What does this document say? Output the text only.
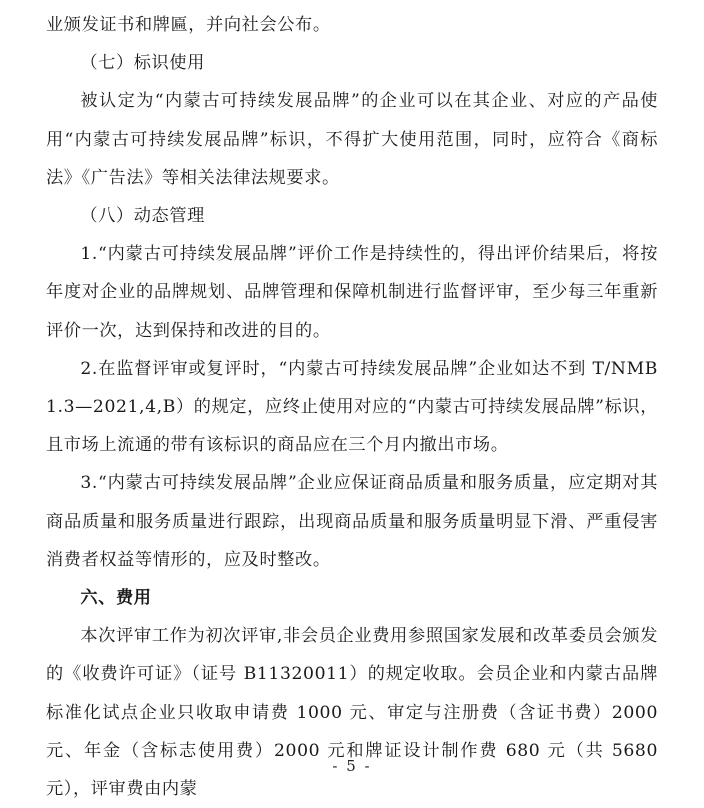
业颁发证书和牌匾，并向社会公布。

（七）标识使用

被认定为“内蒙古可持续发展品牌”的企业可以在其企业、对应的产品使用“内蒙古可持续发展品牌”标识，不得扩大使用范围，同时，应符合《商标法》《广告法》等相关法律法规要求。

（八）动态管理

1.“内蒙古可持续发展品牌”评价工作是持续性的，得出评价结果后，将按年度对企业的品牌规划、品牌管理和保障机制进行监督评审，至少每三年重新评价一次，达到保持和改进的目的。

2.在监督评审或复评时，“内蒙古可持续发展品牌”企业如达不到 T/NMB 1.3—2021,4,B）的规定，应终止使用对应的“内蒙古可持续发展品牌”标识，且市场上流通的带有该标识的商品应在三个月内撤出市场。

3.“内蒙古可持续发展品牌”企业应保证商品质量和服务质量，应定期对其商品质量和服务质量进行跟踪，出现商品质量和服务质量明显下滑、严重侵害消费者权益等情形的，应及时整改。

六、费用

本次评审工作为初次评审,非会员企业费用参照国家发展和改革委员会颁发的《收费许可证》（证号 B11320011）的规定收取。会员企业和内蒙古品牌标准化试点企业只收取申请费 1000 元、审定与注册费（含证书费）2000 元、年金（含标志使用费）2000 元和牌证设计制作费 680 元（共 5680 元），评审费由内蒙

- 5 -
